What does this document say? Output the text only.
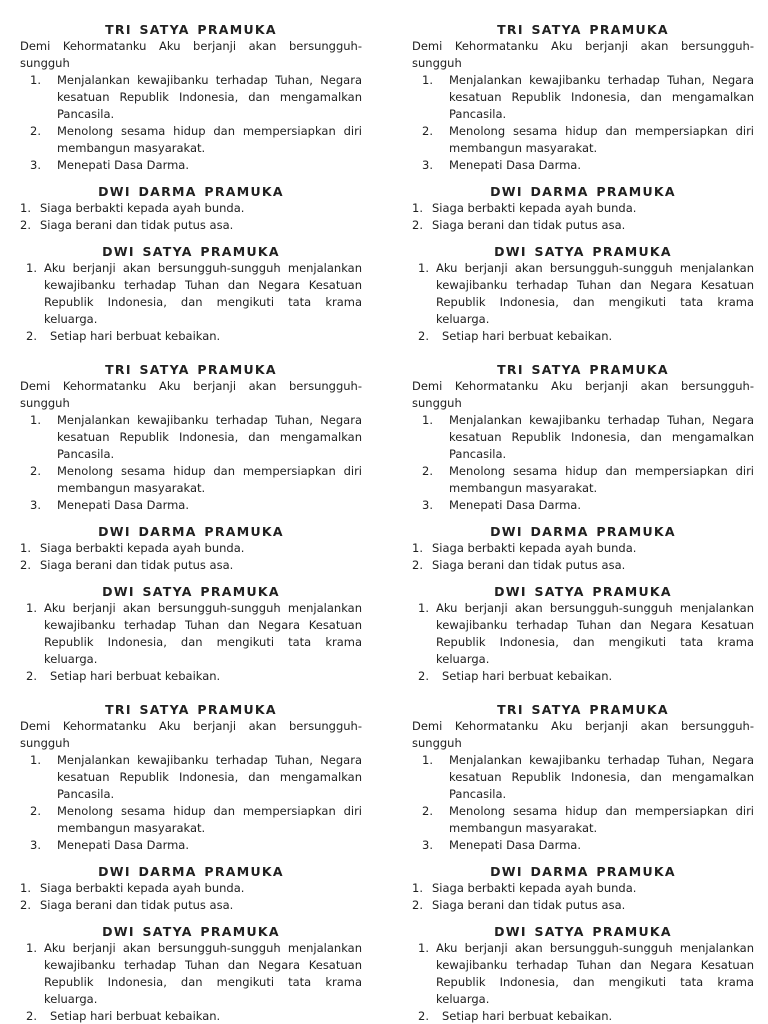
TRI SATYA PRAMUKA

Demi Kehormatanku Aku berjanji akan bersungguh-sungguh

1.	Menjalankan kewajibanku terhadap Tuhan, Negara kesatuan Republik Indonesia, dan mengamalkan Pancasila.
2.	Menolong sesama hidup dan mempersiapkan diri membangun masyarakat.
3.	Menepati Dasa Darma.
DWI DARMA PRAMUKA
1. Siaga berbakti kepada ayah bunda.
2. Siaga berani dan tidak putus asa.
DWI SATYA PRAMUKA
1. Aku berjanji akan bersungguh-sungguh menjalankan kewajibanku terhadap Tuhan dan Negara Kesatuan Republik Indonesia, dan mengikuti tata krama keluarga.
2.	Setiap hari berbuat kebaikan.
TRI SATYA PRAMUKA

Demi Kehormatanku Aku berjanji akan bersungguh-sungguh

1.	Menjalankan kewajibanku terhadap Tuhan, Negara kesatuan Republik Indonesia, dan mengamalkan Pancasila.
2.	Menolong sesama hidup dan mempersiapkan diri membangun masyarakat.
3.	Menepati Dasa Darma.
DWI DARMA PRAMUKA
1. Siaga berbakti kepada ayah bunda.
2. Siaga berani dan tidak putus asa.
DWI SATYA PRAMUKA
1. Aku berjanji akan bersungguh-sungguh menjalankan kewajibanku terhadap Tuhan dan Negara Kesatuan Republik Indonesia, dan mengikuti tata krama keluarga.
2.	Setiap hari berbuat kebaikan.
TRI SATYA PRAMUKA

Demi Kehormatanku Aku berjanji akan bersungguh-sungguh

1.	Menjalankan kewajibanku terhadap Tuhan, Negara kesatuan Republik Indonesia, dan mengamalkan Pancasila.
2.	Menolong sesama hidup dan mempersiapkan diri membangun masyarakat.
3.	Menepati Dasa Darma.
DWI DARMA PRAMUKA
1. Siaga berbakti kepada ayah bunda.
2. Siaga berani dan tidak putus asa.
DWI SATYA PRAMUKA
1. Aku berjanji akan bersungguh-sungguh menjalankan kewajibanku terhadap Tuhan dan Negara Kesatuan Republik Indonesia, dan mengikuti tata krama keluarga.
2.	Setiap hari berbuat kebaikan.
TRI SATYA PRAMUKA

Demi Kehormatanku Aku berjanji akan bersungguh-sungguh

1.	Menjalankan kewajibanku terhadap Tuhan, Negara kesatuan Republik Indonesia, dan mengamalkan Pancasila.
2.	Menolong sesama hidup dan mempersiapkan diri membangun masyarakat.
3.	Menepati Dasa Darma.
DWI DARMA PRAMUKA
1. Siaga berbakti kepada ayah bunda.
2. Siaga berani dan tidak putus asa.
DWI SATYA PRAMUKA
1. Aku berjanji akan bersungguh-sungguh menjalankan kewajibanku terhadap Tuhan dan Negara Kesatuan Republik Indonesia, dan mengikuti tata krama keluarga.
2.	Setiap hari berbuat kebaikan.
TRI SATYA PRAMUKA

Demi Kehormatanku Aku berjanji akan bersungguh-sungguh

1.	Menjalankan kewajibanku terhadap Tuhan, Negara kesatuan Republik Indonesia, dan mengamalkan Pancasila.
2.	Menolong sesama hidup dan mempersiapkan diri membangun masyarakat.
3.	Menepati Dasa Darma.
DWI DARMA PRAMUKA
1. Siaga berbakti kepada ayah bunda.
2. Siaga berani dan tidak putus asa.
DWI SATYA PRAMUKA
1. Aku berjanji akan bersungguh-sungguh menjalankan kewajibanku terhadap Tuhan dan Negara Kesatuan Republik Indonesia, dan mengikuti tata krama keluarga.
2.	Setiap hari berbuat kebaikan.
TRI SATYA PRAMUKA

Demi Kehormatanku Aku berjanji akan bersungguh-sungguh

1.	Menjalankan kewajibanku terhadap Tuhan, Negara kesatuan Republik Indonesia, dan mengamalkan Pancasila.
2.	Menolong sesama hidup dan mempersiapkan diri membangun masyarakat.
3.	Menepati Dasa Darma.
DWI DARMA PRAMUKA
1. Siaga berbakti kepada ayah bunda.
2. Siaga berani dan tidak putus asa.
DWI SATYA PRAMUKA
1. Aku berjanji akan bersungguh-sungguh menjalankan kewajibanku terhadap Tuhan dan Negara Kesatuan Republik Indonesia, dan mengikuti tata krama keluarga.
2.	Setiap hari berbuat kebaikan.
